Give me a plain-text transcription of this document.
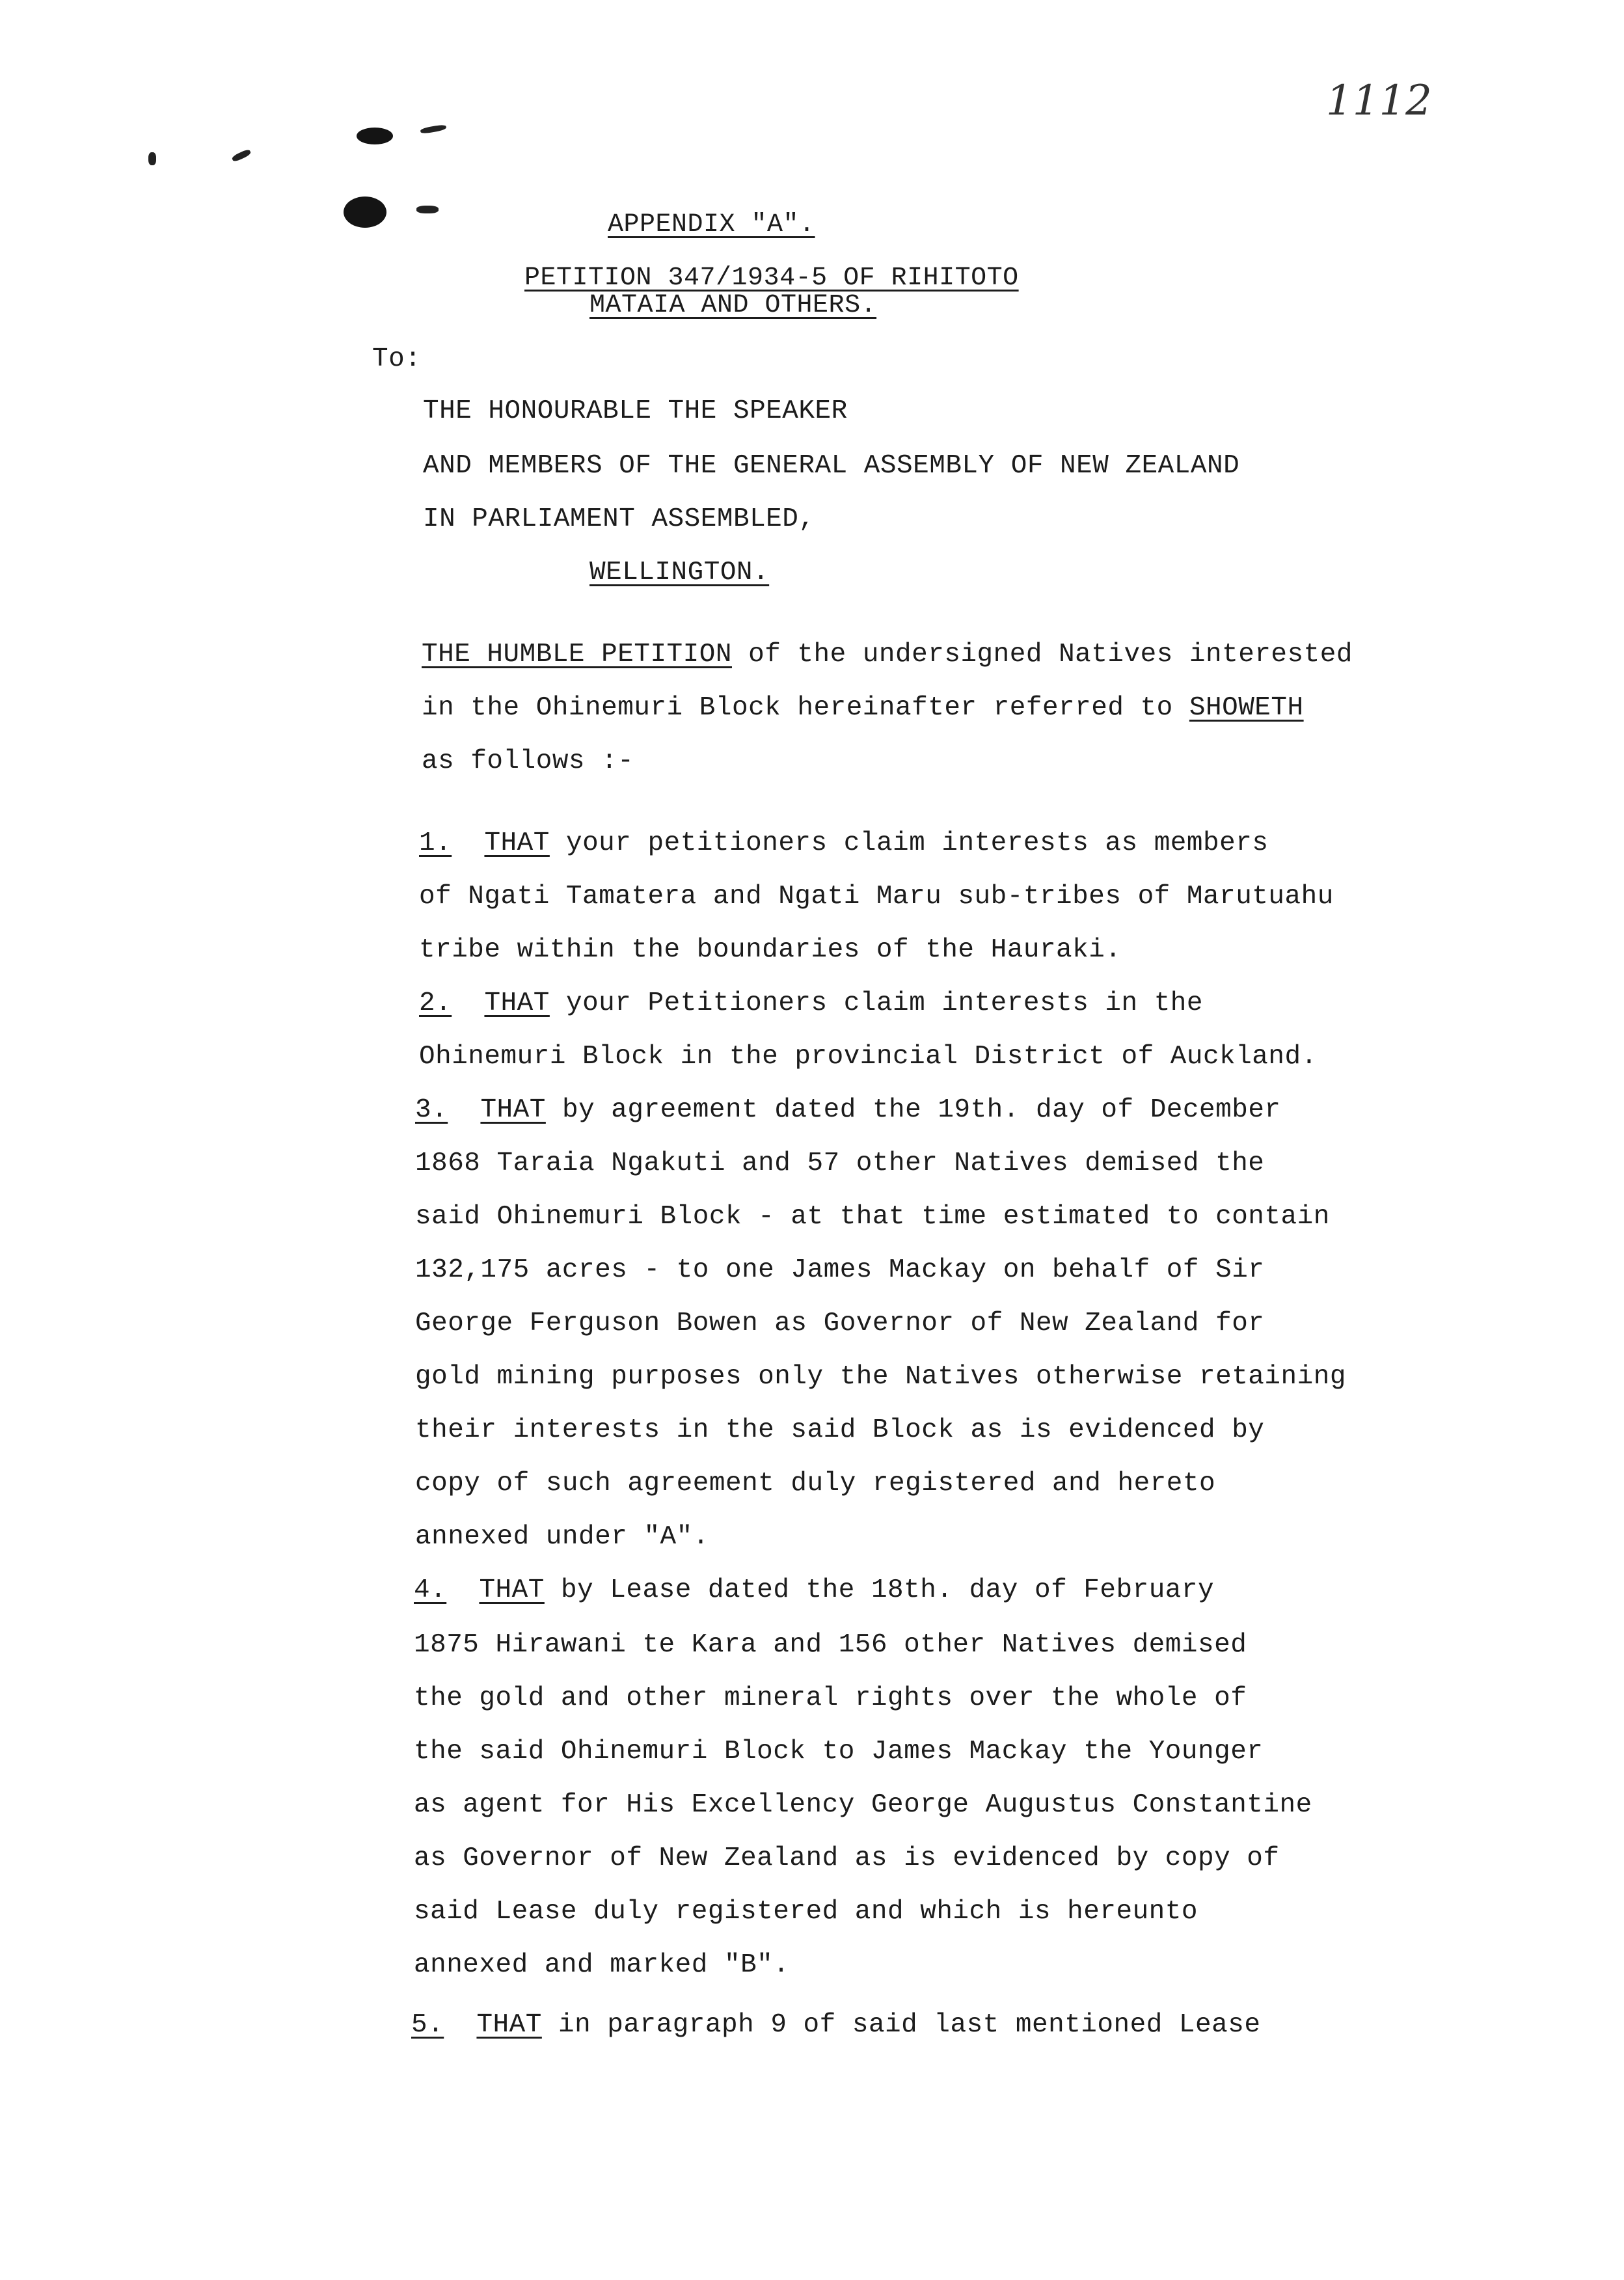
1112
APPENDIX "A".
PETITION 347/1934-5 OF RIHITOTO
MATAIA AND OTHERS.
To:
THE HONOURABLE THE SPEAKER
AND MEMBERS OF THE GENERAL ASSEMBLY OF NEW ZEALAND
IN PARLIAMENT ASSEMBLED,
WELLINGTON.
THE HUMBLE PETITION of the undersigned Natives interested
in the Ohinemuri Block hereinafter referred to SHOWETH
as follows :-
1. THAT your petitioners claim interests as members
of Ngati Tamatera and Ngati Maru sub-tribes of Marutuahu
tribe within the boundaries of the Hauraki.
2. THAT your Petitioners claim interests in the
Ohinemuri Block in the provincial District of Auckland.
3. THAT by agreement dated the 19th. day of December
1868 Taraia Ngakuti and 57 other Natives demised the
said Ohinemuri Block - at that time estimated to contain
132,175 acres - to one James Mackay on behalf of Sir
George Ferguson Bowen as Governor of New Zealand for
gold mining purposes only the Natives otherwise retaining
their interests in the said Block as is evidenced by
copy of such agreement duly registered and hereto
annexed under "A".
4. THAT by Lease dated the 18th. day of February
1875 Hirawani te Kara and 156 other Natives demised
the gold and other mineral rights over the whole of
the said Ohinemuri Block to James Mackay the Younger
as agent for His Excellency George Augustus Constantine
as Governor of New Zealand as is evidenced by copy of
said Lease duly registered and which is hereunto
annexed and marked "B".
5. THAT in paragraph 9 of said last mentioned Lease
